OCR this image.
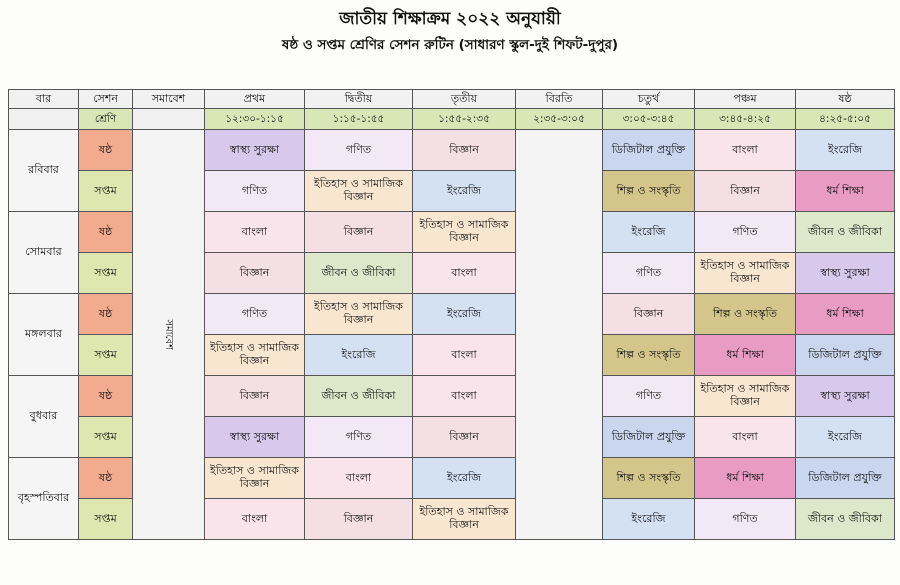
জাতীয় শিক্ষাক্রম ২০২২ অনুযায়ী
ষষ্ঠ ও সপ্তম শ্রেণির সেশন রুটিন (সাধারণ স্কুল-দুই শিফট-দুপুর)
বার	সেশন	সমাবেশ	প্রথম	দ্বিতীয়	তৃতীয়	বিরতি	চতুর্থ	পঞ্চম	ষষ্ঠ
	শ্রেণি		১২:৩০-১:১৫	১:১৫-১:৫৫	১:৫৫-২:৩৫	২:৩৫-৩:০৫	৩:০৫-৩:৪৫	৩:৪৫-৪:২৫	৪:২৫-৫:০৫
রবিবার	ষষ্ঠ	সমাবেশ	স্বাস্থ্য সুরক্ষা	গণিত	বিজ্ঞান		ডিজিটাল প্রযুক্তি	বাংলা	ইংরেজি
	সপ্তম		গণিত	ইতিহাস ও সামাজিক বিজ্ঞান	ইংরেজি		শিল্প ও সংস্কৃতি	বিজ্ঞান	ধর্ম শিক্ষা
সোমবার	ষষ্ঠ		বাংলা	বিজ্ঞান	ইতিহাস ও সামাজিক বিজ্ঞান		ইংরেজি	গণিত	জীবন ও জীবিকা
	সপ্তম		বিজ্ঞান	জীবন ও জীবিকা	বাংলা		গণিত	ইতিহাস ও সামাজিক বিজ্ঞান	স্বাস্থ্য সুরক্ষা
মঙ্গলবার	ষষ্ঠ		গণিত	ইতিহাস ও সামাজিক বিজ্ঞান	ইংরেজি		বিজ্ঞান	শিল্প ও সংস্কৃতি	ধর্ম শিক্ষা
	সপ্তম		ইতিহাস ও সামাজিক বিজ্ঞান	ইংরেজি	বাংলা		শিল্প ও সংস্কৃতি	ধর্ম শিক্ষা	ডিজিটাল প্রযুক্তি
বুধবার	ষষ্ঠ		বিজ্ঞান	জীবন ও জীবিকা	বাংলা		গণিত	ইতিহাস ও সামাজিক বিজ্ঞান	স্বাস্থ্য সুরক্ষা
	সপ্তম		স্বাস্থ্য সুরক্ষা	গণিত	বিজ্ঞান		ডিজিটাল প্রযুক্তি	বাংলা	ইংরেজি
বৃহস্পতিবার	ষষ্ঠ		ইতিহাস ও সামাজিক বিজ্ঞান	বাংলা	ইংরেজি		শিল্প ও সংস্কৃতি	ধর্ম শিক্ষা	ডিজিটাল প্রযুক্তি
	সপ্তম		বাংলা	বিজ্ঞান	ইতিহাস ও সামাজিক বিজ্ঞান		ইংরেজি	গণিত	জীবন ও জীবিকা
